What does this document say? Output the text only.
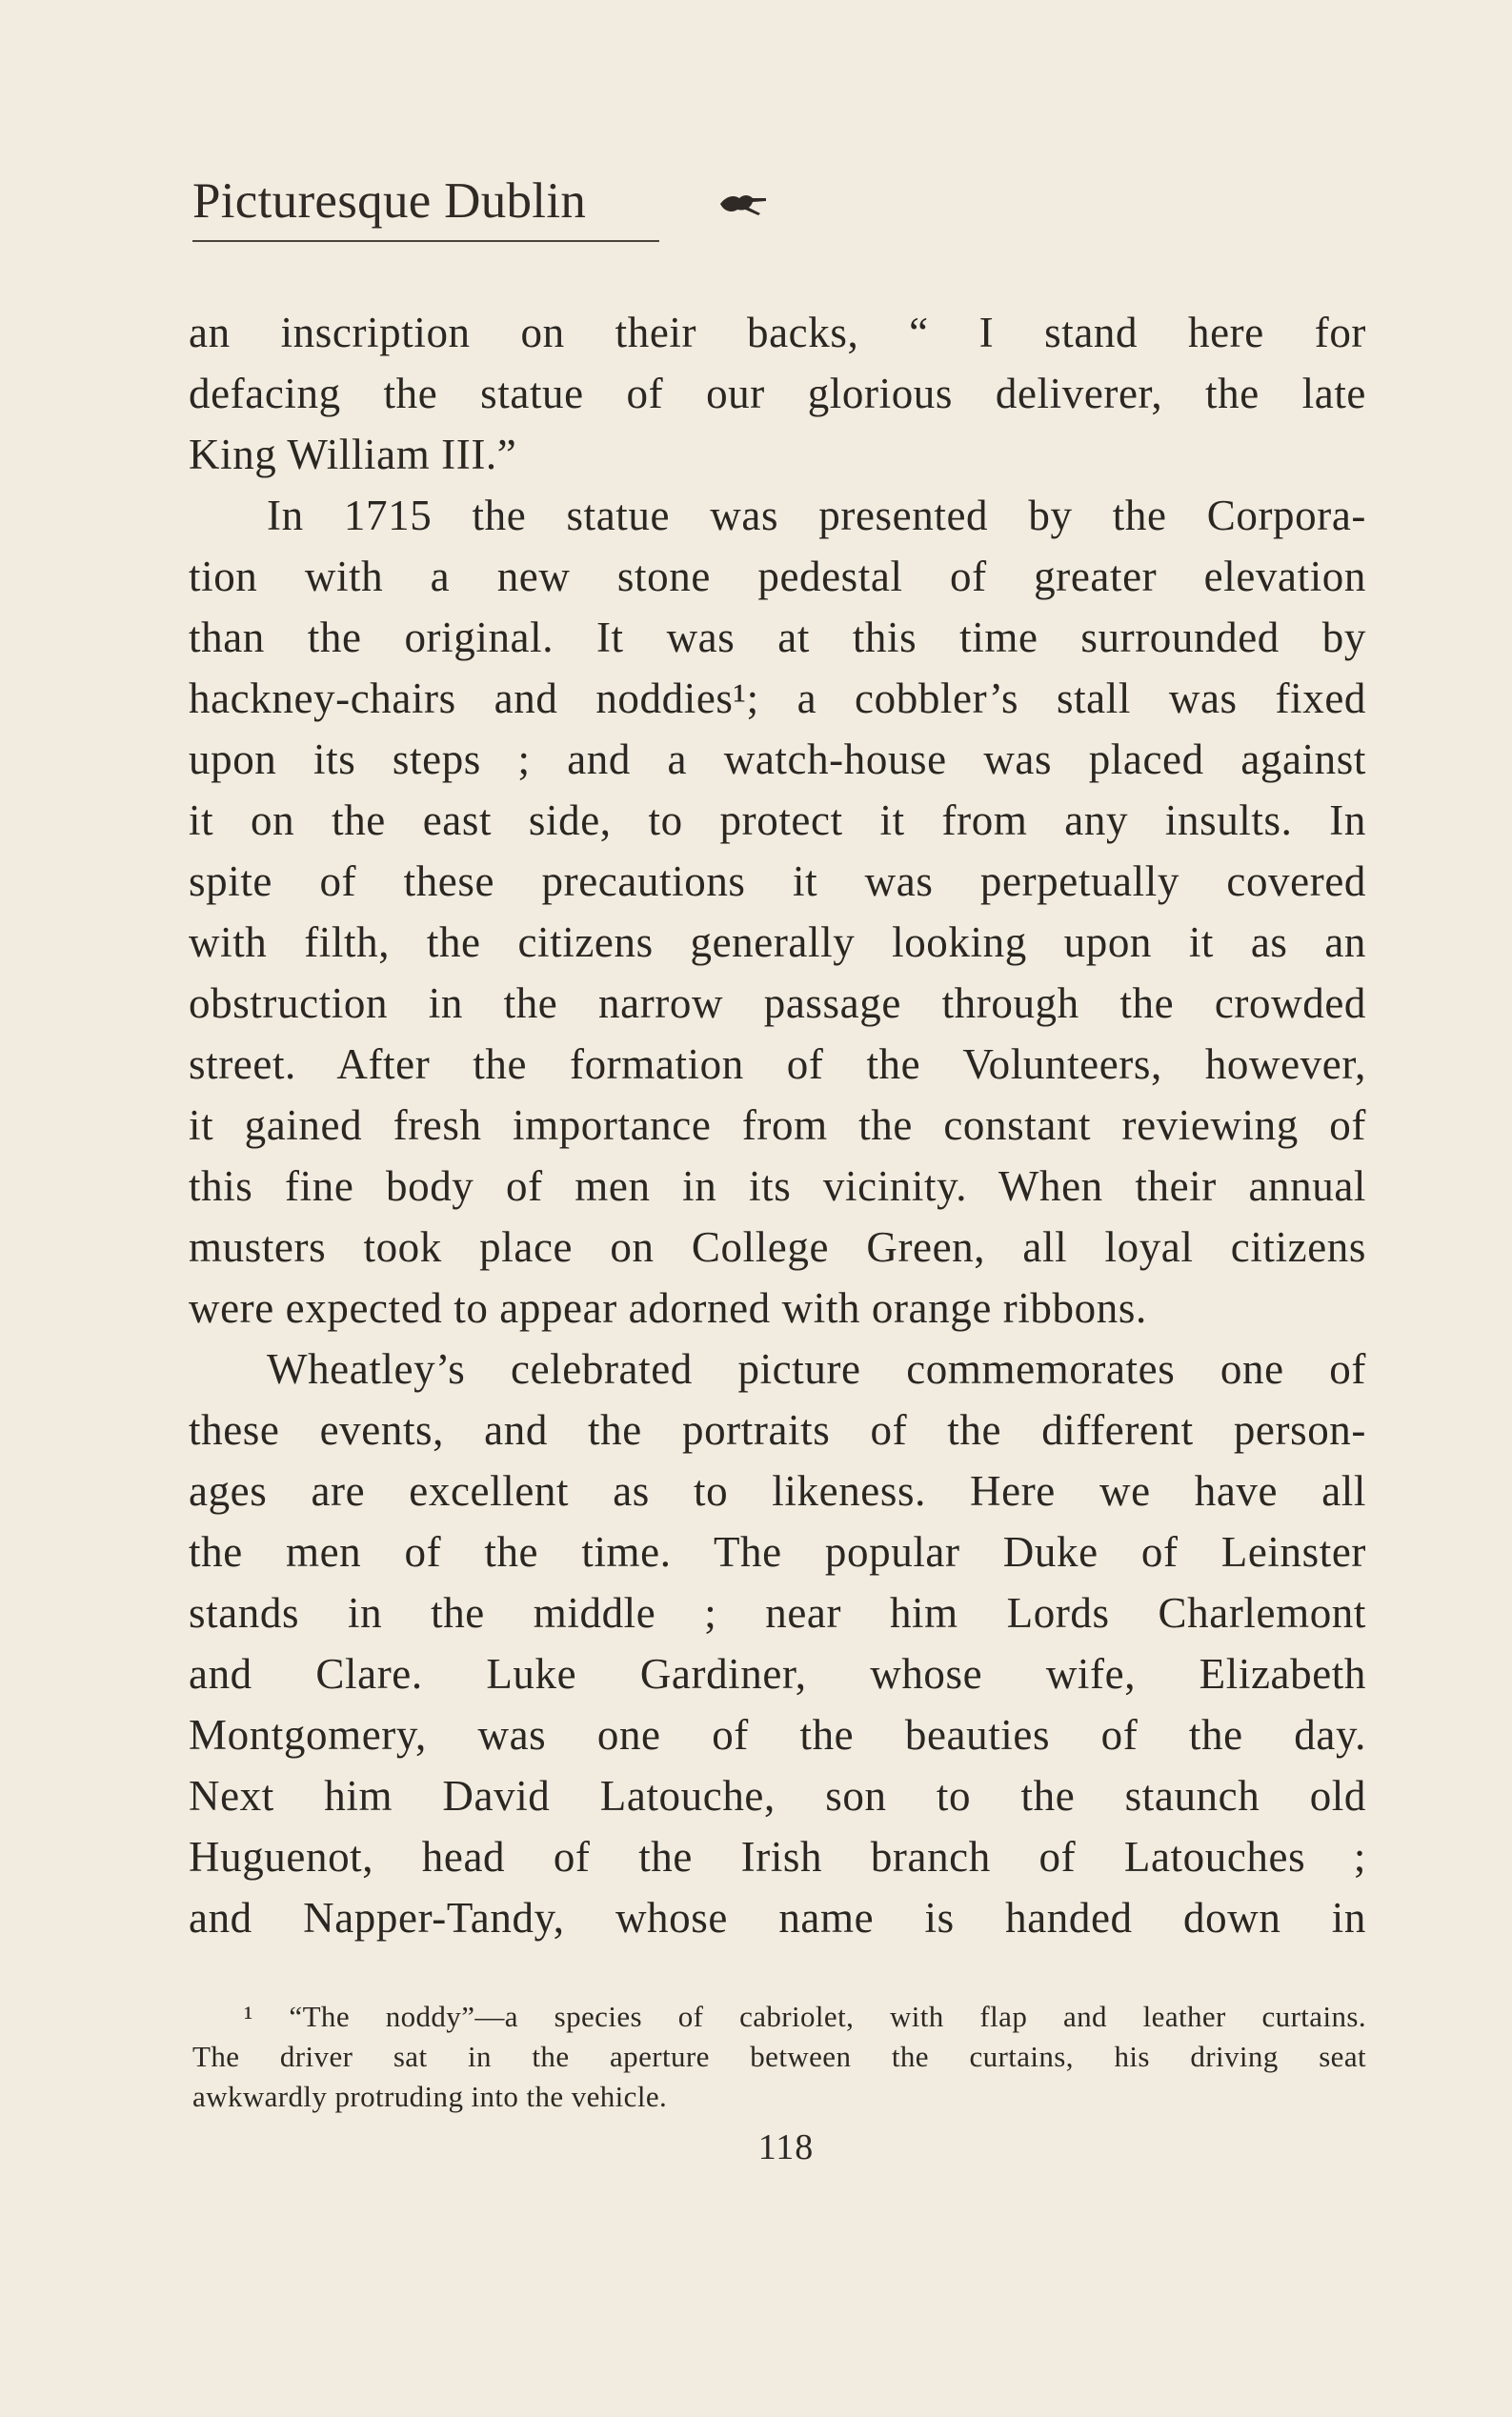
Picturesque Dublin
an inscription on their backs, “ I stand here for
defacing the statue of our glorious deliverer, the late
King William III.”
In 1715 the statue was presented by the Corpora-
tion with a new stone pedestal of greater elevation
than the original. It was at this time surrounded by
hackney-chairs and noddies¹; a cobbler’s stall was fixed
upon its steps ; and a watch-house was placed against
it on the east side, to protect it from any insults. In
spite of these precautions it was perpetually covered
with filth, the citizens generally looking upon it as an
obstruction in the narrow passage through the crowded
street. After the formation of the Volunteers, however,
it gained fresh importance from the constant reviewing of
this fine body of men in its vicinity. When their annual
musters took place on College Green, all loyal citizens
were expected to appear adorned with orange ribbons.
Wheatley’s celebrated picture commemorates one of
these events, and the portraits of the different person-
ages are excellent as to likeness. Here we have all
the men of the time. The popular Duke of Leinster
stands in the middle ; near him Lords Charlemont
and Clare. Luke Gardiner, whose wife, Elizabeth
Montgomery, was one of the beauties of the day.
Next him David Latouche, son to the staunch old
Huguenot, head of the Irish branch of Latouches ;
and Napper-Tandy, whose name is handed down in
¹ “The noddy”—a species of cabriolet, with flap and leather curtains.
The driver sat in the aperture between the curtains, his driving seat
awkwardly protruding into the vehicle.
118
